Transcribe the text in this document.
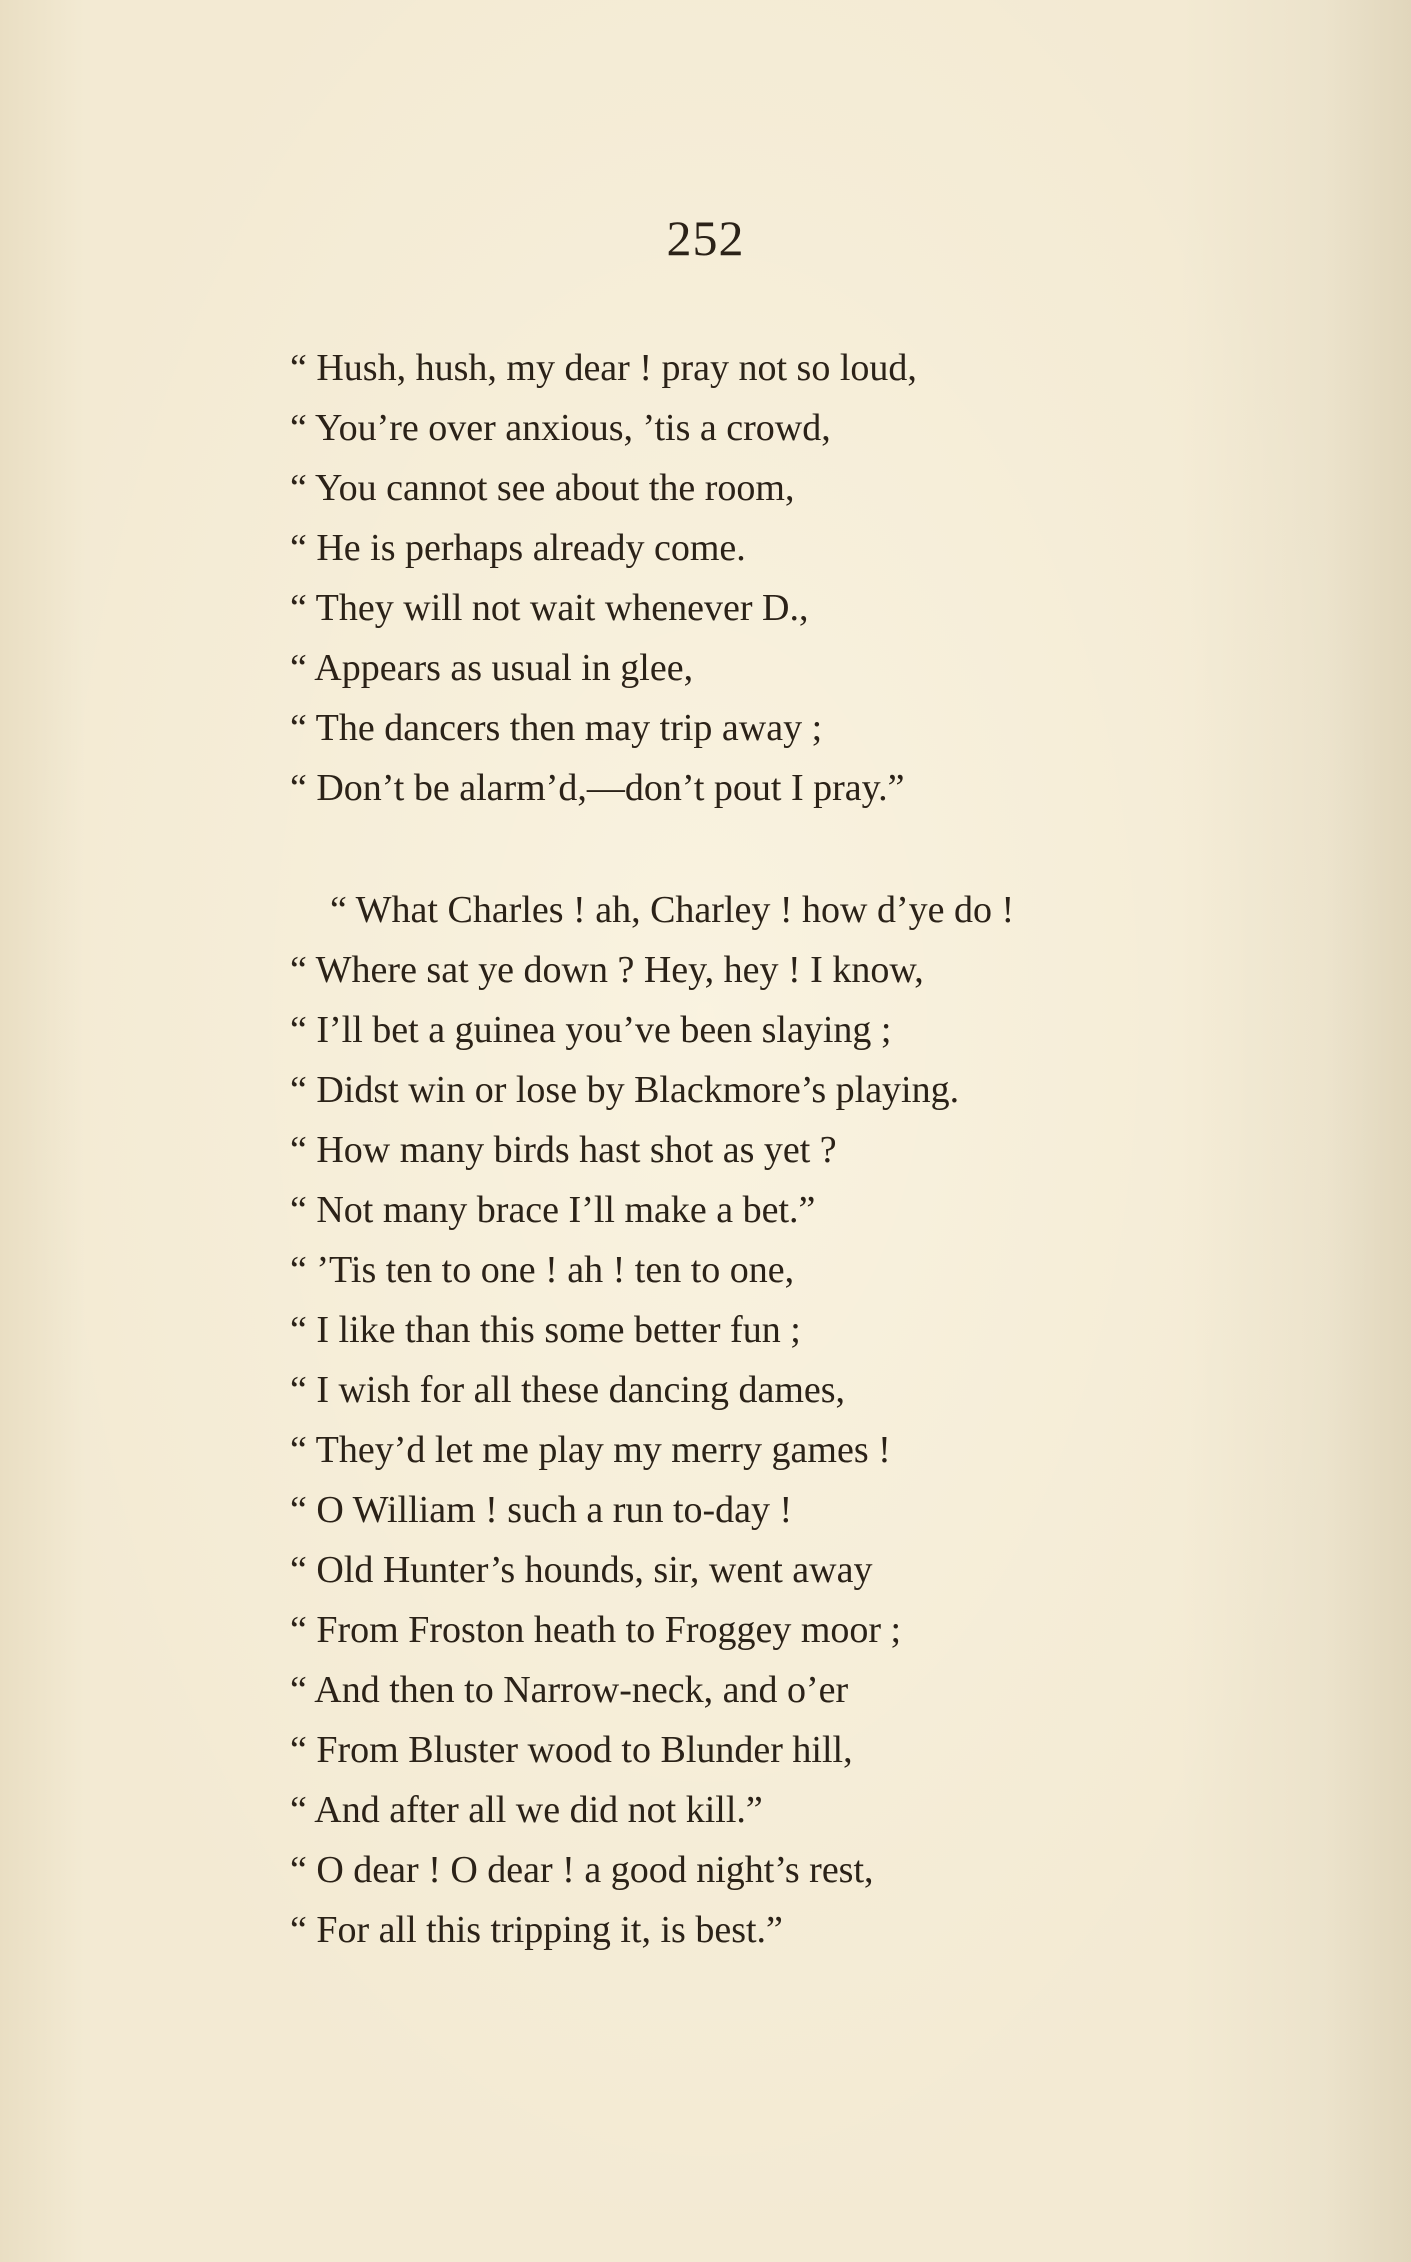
252
“ Hush, hush, my dear ! pray not so loud,
“ You’re over anxious, ’tis a crowd,
“ You cannot see about the room,
“ He is perhaps already come.
“ They will not wait whenever D.,
“ Appears as usual in glee,
“ The dancers then may trip away ;
“ Don’t be alarm’d,—don’t pout I pray.”
“ What Charles ! ah, Charley ! how d’ye do !
“ Where sat ye down ? Hey, hey ! I know,
“ I’ll bet a guinea you’ve been slaying ;
“ Didst win or lose by Blackmore’s playing.
“ How many birds hast shot as yet ?
“ Not many brace I’ll make a bet.”
“ ’Tis ten to one ! ah ! ten to one,
“ I like than this some better fun ;
“ I wish for all these dancing dames,
“ They’d let me play my merry games !
“ O William ! such a run to-day !
“ Old Hunter’s hounds, sir, went away
“ From Froston heath to Froggey moor ;
“ And then to Narrow-neck, and o’er
“ From Bluster wood to Blunder hill,
“ And after all we did not kill.”
“ O dear ! O dear ! a good night’s rest,
“ For all this tripping it, is best.”
